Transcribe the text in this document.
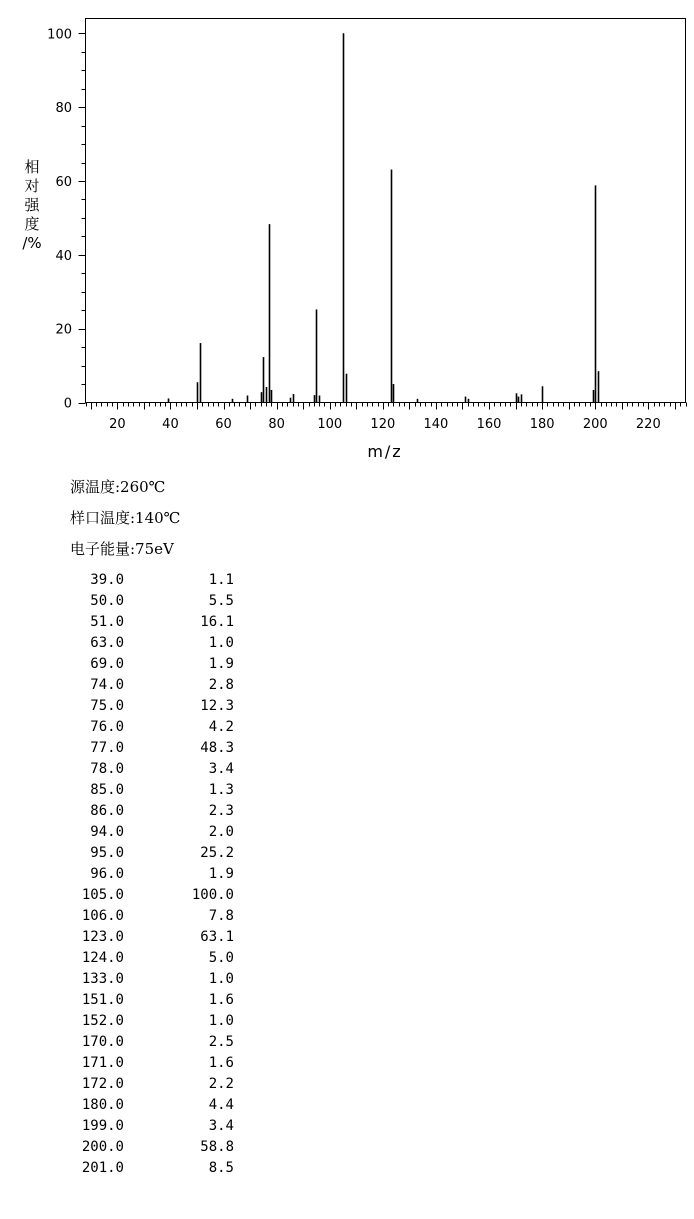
20	40	60	80 100 120 140 160 180 200 220
0
20
40
60
80
100
m/z
相
对
强
度
/%
源温度:260℃
样口温度:140℃
电子能量:75eV
39.0	1.1
50.0	5.5
51.0	16.1
63.0	1.0
69.0	1.9
74.0	2.8
75.0	12.3
76.0	4.2
77.0	48.3
78.0	3.4
85.0	1.3
86.0	2.3
94.0	2.0
95.0	25.2
96.0	1.9
105.0	100.0
106.0	7.8
123.0	63.1
124.0	5.0
133.0	1.0
151.0	1.6
152.0	1.0
170.0	2.5
171.0	1.6
172.0	2.2
180.0	4.4
199.0	3.4
200.0	58.8
201.0	8.5
